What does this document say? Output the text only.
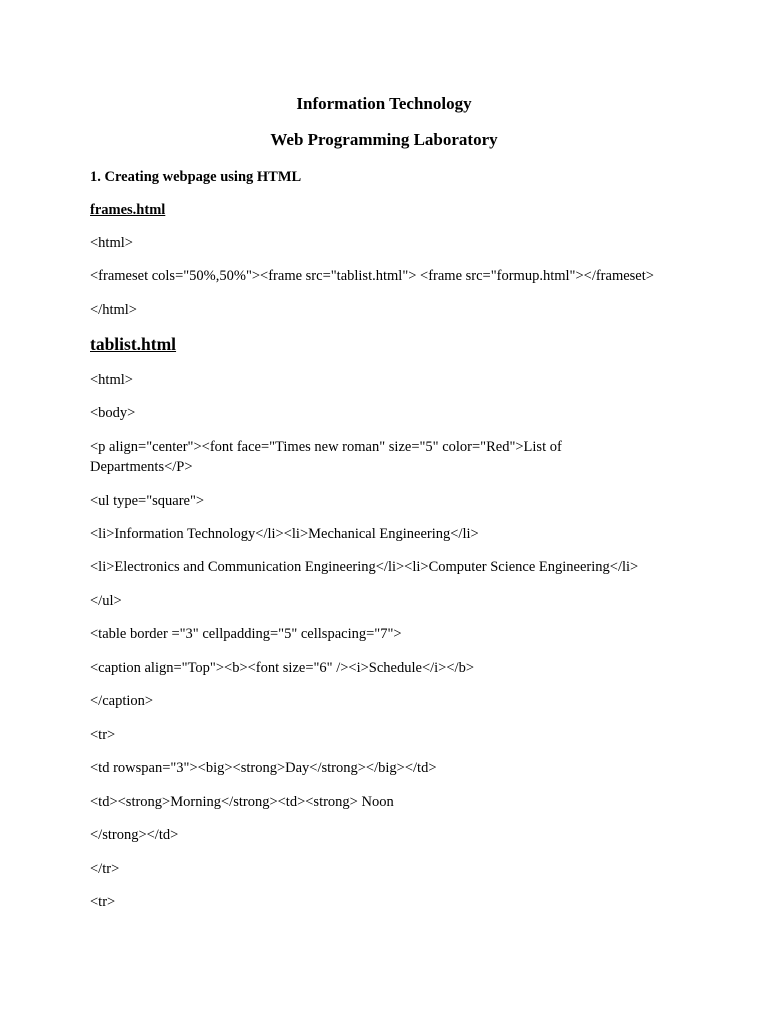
Information Technology
Web Programming Laboratory
1. Creating webpage using HTML
frames.html
<html>
<frameset cols="50%,50%"><frame src="tablist.html"> <frame src="formup.html"></frameset>
</html>
tablist.html
<html>
<body>
<p align="center"><font face="Times new roman" size="5" color="Red">List of Departments</P>
<ul type="square">
<li>Information Technology</li><li>Mechanical Engineering</li>
<li>Electronics and Communication Engineering</li><li>Computer Science Engineering</li>
</ul>
<table border ="3" cellpadding="5" cellspacing="7">
<caption align="Top"><b><font size="6" /><i>Schedule</i></b>
</caption>
<tr>
<td rowspan="3"><big><strong>Day</strong></big></td>
<td><strong>Morning</strong><td><strong> Noon
</strong></td>
</tr>
<tr>
